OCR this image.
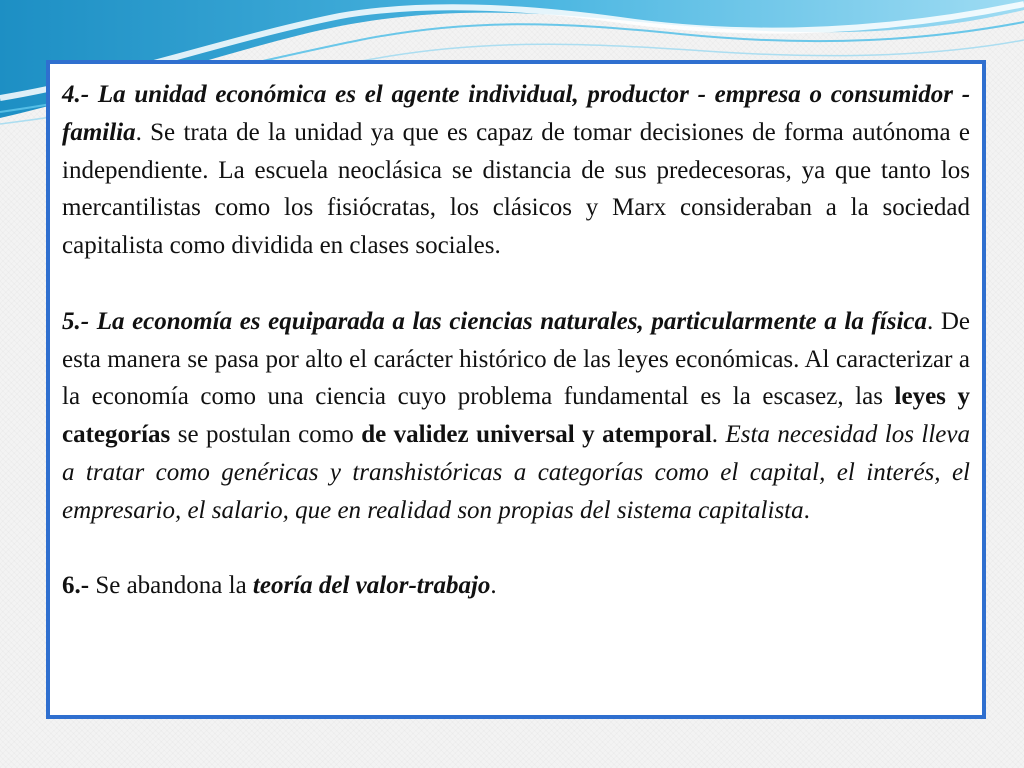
4.- La unidad económica es el agente individual, productor - empresa o consumidor - familia. Se trata de la unidad ya que es capaz de tomar decisiones de forma autónoma e independiente. La escuela neoclásica se distancia de sus predecesoras, ya que tanto los mercantilistas como los fisiócratas, los clásicos y Marx consideraban a la sociedad capitalista como dividida en clases sociales.

5.- La economía es equiparada a las ciencias naturales, particularmente a la física. De esta manera se pasa por alto el carácter histórico de las leyes económicas. Al caracterizar a la economía como una ciencia cuyo problema fundamental es la escasez, las leyes y categorías se postulan como de validez universal y atemporal. Esta necesidad los lleva a tratar como genéricas y transhistóricas a categorías como el capital, el interés, el empresario, el salario, que en realidad son propias del sistema capitalista.

6.- Se abandona la teoría del valor-trabajo.
